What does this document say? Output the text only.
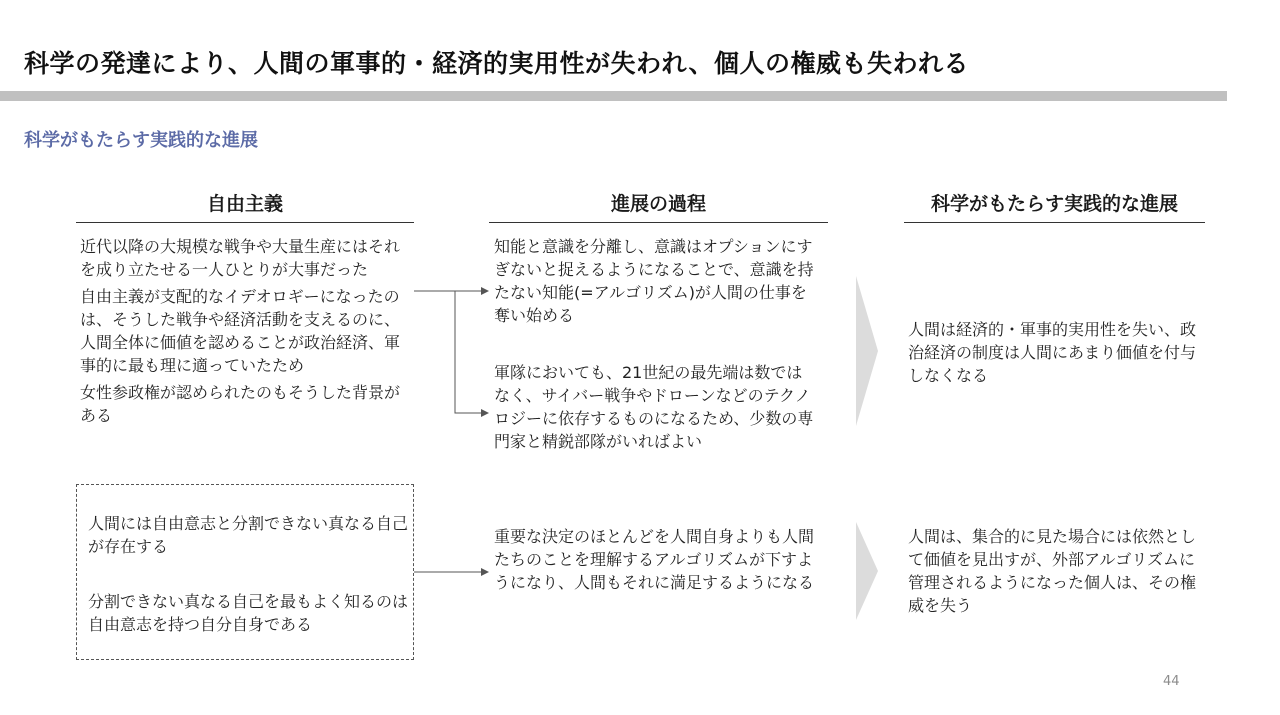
科学の発達により、人間の軍事的・経済的実用性が失われ、個人の権威も失われる
科学がもたらす実践的な進展
自由主義	進展の過程	科学がもたらす実践的な進展

近代以降の大規模な戦争や大量生産にはそれを成り立たせる一人ひとりが大事だった

自由主義が支配的なイデオロギーになったのは、そうした戦争や経済活動を支えるのに、人間全体に価値を認めることが政治経済、軍事的に最も理に適っていたため

女性参政権が認められたのもそうした背景がある

人間には自由意志と分割できない真なる自己が存在する
分割できない真なる自己を最もよく知るのは自由意志を持つ自分自身である
知能と意識を分離し、意識はオプションにすぎないと捉えるようになることで、意識を持たない知能(=アルゴリズム)が人間の仕事を奪い始める
軍隊においても、21世紀の最先端は数ではなく、サイバー戦争やドローンなどのテクノロジーに依存するものになるため、少数の専門家と精鋭部隊がいればよい
重要な決定のほとんどを人間自身よりも人間たちのことを理解するアルゴリズムが下すようになり、人間もそれに満足するようになる
人間は経済的・軍事的実用性を失い、政治経済の制度は人間にあまり価値を付与しなくなる
人間は、集合的に見た場合には依然として価値を見出すが、外部アルゴリズムに管理されるようになった個人は、その権威を失う
44
